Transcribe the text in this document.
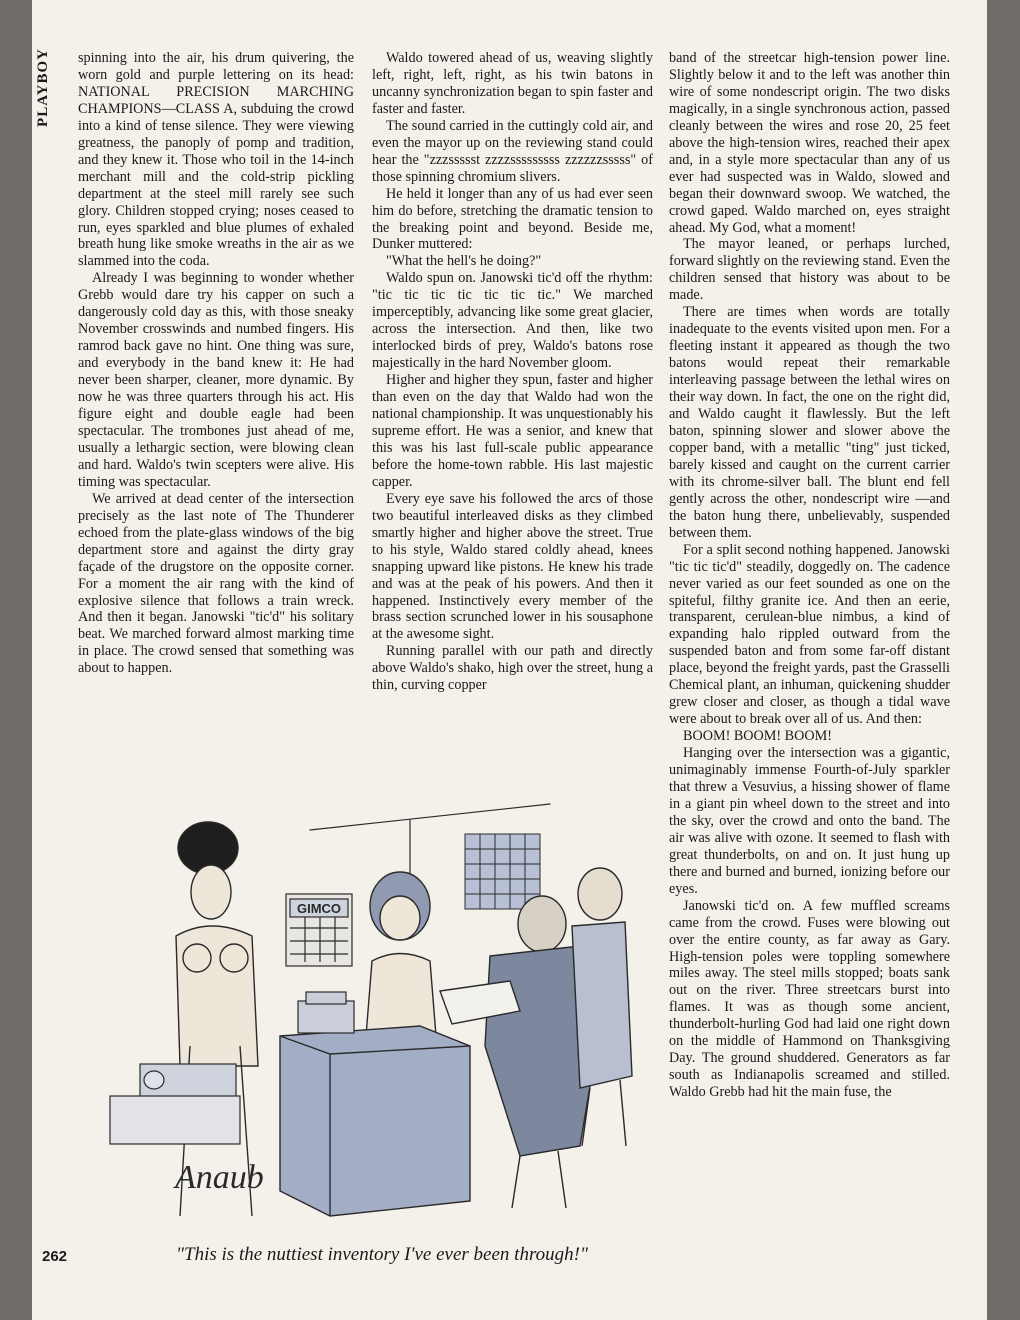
PLAYBOY	spinning into the air, his drum quivering, the worn gold and purple lettering on its head: NATIONAL PRECISION MARCHING CHAMPIONS—CLASS A, subduing the crowd into a kind of tense silence. They were viewing greatness, the panoply of pomp and tradition, and they knew it. Those who toil in the 14-inch merchant mill and the cold-strip pickling department at the steel mill rarely see such glory. Children stopped crying; noses ceased to run, eyes sparkled and blue plumes of exhaled breath hung like smoke wreaths in the air as we slammed into the coda.

Already I was beginning to wonder whether Grebb would dare try his capper on such a dangerously cold day as this, with those sneaky November crosswinds and numbed fingers. His ramrod back gave no hint. One thing was sure, and everybody in the band knew it: He had never been sharper, cleaner, more dynamic. By now he was three quarters through his act. His figure eight and double eagle had been spectacular. The trombones just ahead of me, usually a lethargic section, were blowing clean and hard. Waldo's twin scepters were alive. His timing was spectacular.

We arrived at dead center of the intersection precisely as the last note of The Thunderer echoed from the plate-glass windows of the big department store and against the dirty gray façade of the drugstore on the opposite corner. For a moment the air rang with the kind of explosive silence that follows a train wreck. And then it began. Janowski "tic'd" his solitary beat. We marched forward almost marking time in place. The crowd sensed that something was about to happen.

Waldo towered ahead of us, weaving slightly left, right, left, right, as his twin batons in uncanny synchronization began to spin faster and faster and faster.

The sound carried in the cuttingly cold air, and even the mayor up on the reviewing stand could hear the "zzzssssst zzzzsssssssss zzzzzzsssss" of those spinning chromium slivers.

He held it longer than any of us had ever seen him do before, stretching the dramatic tension to the breaking point and beyond. Beside me, Dunker muttered:

"What the hell's he doing?"

Waldo spun on. Janowski tic'd off the rhythm: "tic tic tic tic tic tic tic." We marched imperceptibly, advancing like some great glacier, across the intersection. And then, like two interlocked birds of prey, Waldo's batons rose majestically in the hard November gloom.

Higher and higher they spun, faster and higher than even on the day that Waldo had won the national championship. It was unquestionably his supreme effort. He was a senior, and knew that this was his last full-scale public appearance before the home-town rabble. His last majestic capper.

Every eye save his followed the arcs of those two beautiful interleaved disks as they climbed smartly higher and higher above the street. True to his style, Waldo stared coldly ahead, knees snapping upward like pistons. He knew his trade and was at the peak of his powers. And then it happened. Instinctively every member of the brass section scrunched lower in his sousaphone at the awesome sight.

Running parallel with our path and directly above Waldo's shako, high over the street, hung a thin, curving copper

band of the streetcar high-tension power line. Slightly below it and to the left was another thin wire of some nondescript origin. The two disks magically, in a single synchronous action, passed cleanly between the wires and rose 20, 25 feet above the high-tension wires, reached their apex and, in a style more spectacular than any of us ever had suspected was in Waldo, slowed and began their downward swoop. We watched, the crowd gaped. Waldo marched on, eyes straight ahead. My God, what a moment!

The mayor leaned, or perhaps lurched, forward slightly on the reviewing stand. Even the children sensed that history was about to be made.

There are times when words are totally inadequate to the events visited upon men. For a fleeting instant it appeared as though the two batons would repeat their remarkable interleaving passage between the lethal wires on their way down. In fact, the one on the right did, and Waldo caught it flawlessly. But the left baton, spinning slower and slower above the copper band, with a metallic "ting" just ticked, barely kissed and caught on the current carrier with its chrome-silver ball. The blunt end fell gently across the other, nondescript wire —and the baton hung there, unbelievably, suspended between them.

For a split second nothing happened. Janowski "tic tic tic'd" steadily, doggedly on. The cadence never varied as our feet sounded as one on the spiteful, filthy granite ice. And then an eerie, transparent, cerulean-blue nimbus, a kind of expanding halo rippled outward from the suspended baton and from some far-off distant place, beyond the freight yards, past the Grasselli Chemical plant, an inhuman, quickening shudder grew closer and closer, as though a tidal wave were about to break over all of us. And then:

BOOM! BOOM! BOOM!

Hanging over the intersection was a gigantic, unimaginably immense Fourth-of-July sparkler that threw a Vesuvius, a hissing shower of flame in a giant pin wheel down to the street and into the sky, over the crowd and onto the band. The air was alive with ozone. It seemed to flash with great thunderbolts, on and on. It just hung up there and burned and burned, ionizing before our eyes.

Janowski tic'd on. A few muffled screams came from the crowd. Fuses were blowing out over the entire county, as far away as Gary. High-tension poles were toppling somewhere miles away. The steel mills stopped; boats sank out on the river. Three streetcars burst into flames. It was as though some ancient, thunderbolt-hurling God had laid one right down on the middle of Hammond on Thanksgiving Day. The ground shuddered. Generators as far south as Indianapolis screamed and stilled. Waldo Grebb had hit the main fuse, the

GIMCO
Anaub
"This is the nuttiest inventory I've ever been through!"
262
